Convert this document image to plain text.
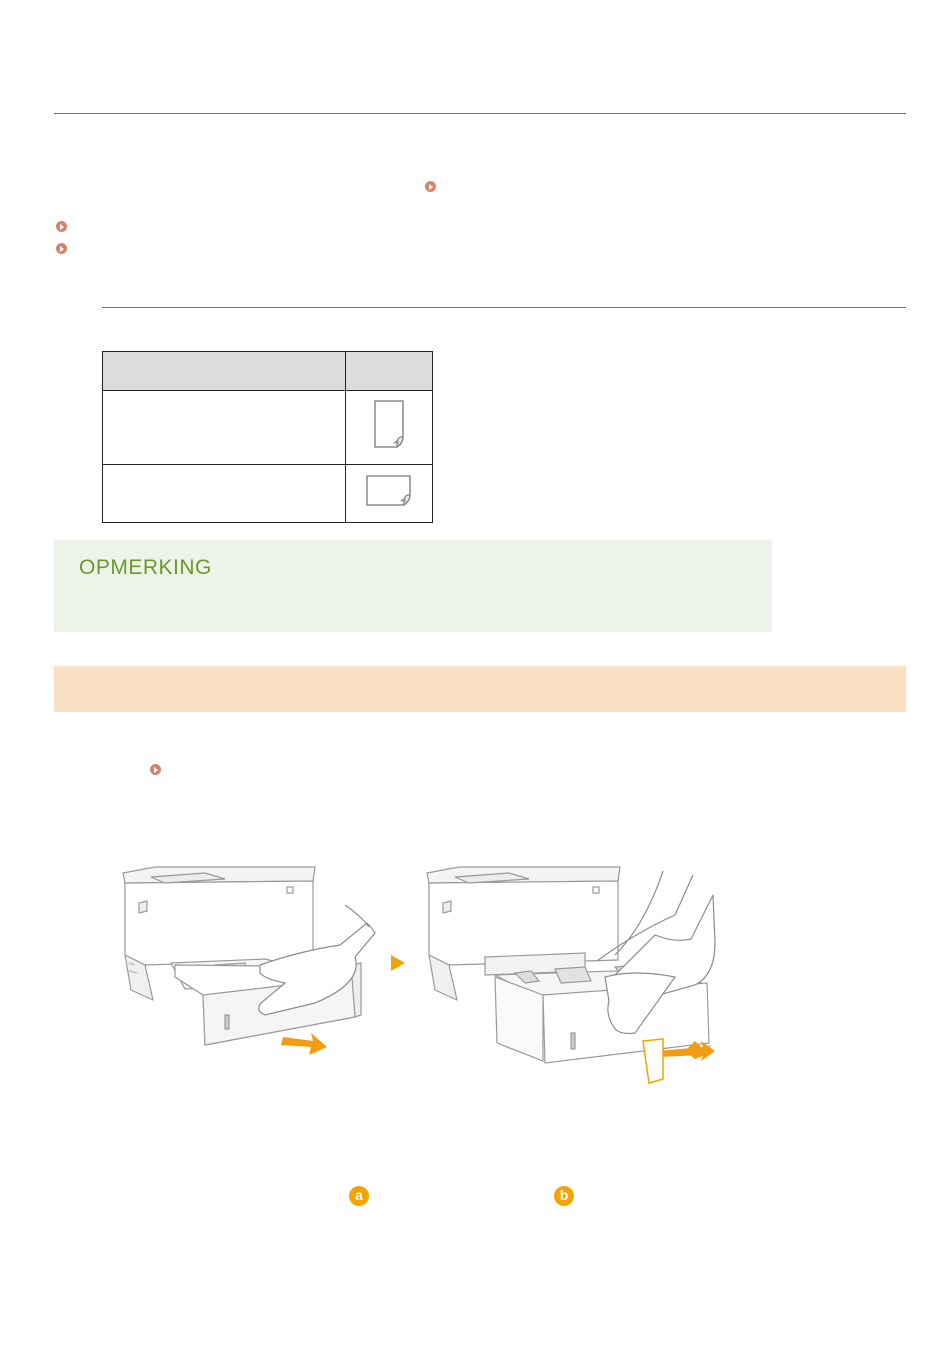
OPMERKING
a	b
